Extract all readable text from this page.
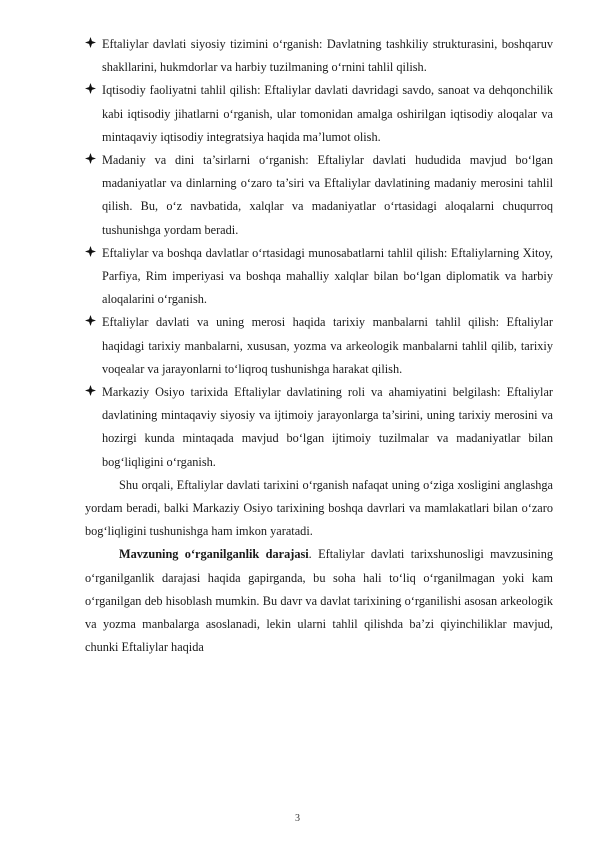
Eftaliylar davlati siyosiy tizimini o‘rganish: Davlatning tashkiliy strukturasini, boshqaruv shakllarini, hukmdorlar va harbiy tuzilmaning o‘rnini tahlil qilish.

Iqtisodiy faoliyatni tahlil qilish: Eftaliylar davlati davridagi savdo, sanoat va dehqonchilik kabi iqtisodiy jihatlarni o‘rganish, ular tomonidan amalga oshirilgan iqtisodiy aloqalar va mintaqaviy iqtisodiy integratsiya haqida ma’lumot olish.

Madaniy va dini ta’sirlarni o‘rganish: Eftaliylar davlati hududida mavjud bo‘lgan madaniyatlar va dinlarning o‘zaro ta’siri va Eftaliylar davlatining madaniy merosini tahlil qilish. Bu, o‘z navbatida, xalqlar va madaniyatlar o‘rtasidagi aloqalarni chuqurroq tushunishga yordam beradi.

Eftaliylar va boshqa davlatlar o‘rtasidagi munosabatlarni tahlil qilish: Eftaliylarning Xitoy, Parfiya, Rim imperiyasi va boshqa mahalliy xalqlar bilan bo‘lgan diplomatik va harbiy aloqalarini o‘rganish.

Eftaliylar davlati va uning merosi haqida tarixiy manbalarni tahlil qilish: Eftaliylar haqidagi tarixiy manbalarni, xususan, yozma va arkeologik manbalarni tahlil qilib, tarixiy voqealar va jarayonlarni to‘liqroq tushunishga harakat qilish.

Markaziy Osiyo tarixida Eftaliylar davlatining roli va ahamiyatini belgilash: Eftaliylar davlatining mintaqaviy siyosiy va ijtimoiy jarayonlarga ta’sirini, uning tarixiy merosini va hozirgi kunda mintaqada mavjud bo‘lgan ijtimoiy tuzilmalar va madaniyatlar bilan bog‘liqligini o‘rganish.

Shu orqali, Eftaliylar davlati tarixini o‘rganish nafaqat uning o‘ziga xosligini anglashga yordam beradi, balki Markaziy Osiyo tarixining boshqa davrlari va mamlakatlari bilan o‘zaro bog‘liqligini tushunishga ham imkon yaratadi.

Mavzuning o‘rganilganlik darajasi. Eftaliylar davlati tarixshunosligi mavzusining o‘rganilganlik darajasi haqida gapirganda, bu soha hali to‘liq o‘rganilmagan yoki kam o‘rganilgan deb hisoblash mumkin. Bu davr va davlat tarixining o‘rganilishi asosan arkeologik va yozma manbalarga asoslanadi, lekin ularni tahlil qilishda ba’zi qiyinchiliklar mavjud, chunki Eftaliylar haqida

3
